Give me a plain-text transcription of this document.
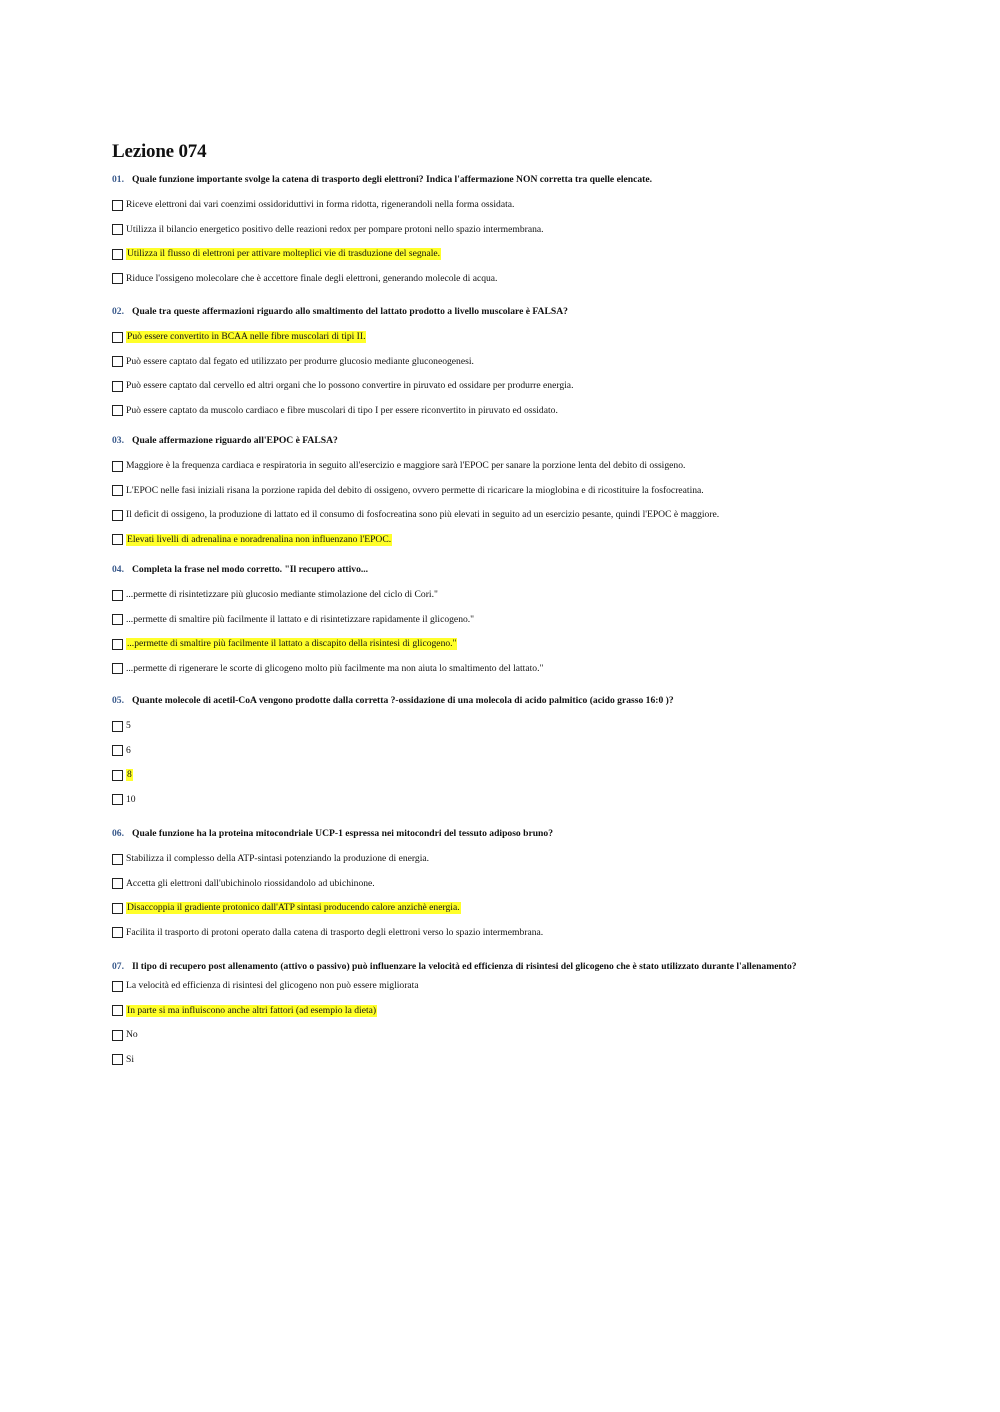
Lezione 074

01. Quale funzione importante svolge la catena di trasporto degli elettroni? Indica l'affermazione NON corretta tra quelle elencate.

Riceve elettroni dai vari coenzimi ossidoriduttivi in forma ridotta, rigenerandoli nella forma ossidata.
Utilizza il bilancio energetico positivo delle reazioni redox per pompare protoni nello spazio intermembrana.
Utilizza il flusso di elettroni per attivare molteplici vie di trasduzione del segnale.
Riduce l'ossigeno molecolare che è accettore finale degli elettroni, generando molecole di acqua.

02. Quale tra queste affermazioni riguardo allo smaltimento del lattato prodotto a livello muscolare è FALSA?

Può essere convertito in BCAA nelle fibre muscolari di tipi II.
Può essere captato dal fegato ed utilizzato per produrre glucosio mediante gluconeogenesi.
Può essere captato dal cervello ed altri organi che lo possono convertire in piruvato ed ossidare per produrre energia.
Può essere captato da muscolo cardiaco e fibre muscolari di tipo I per essere riconvertito in piruvato ed ossidato.

03. Quale affermazione riguardo all'EPOC è FALSA?

Maggiore è la frequenza cardiaca e respiratoria in seguito all'esercizio e maggiore sarà l'EPOC per sanare la porzione lenta del debito di ossigeno.
L'EPOC nelle fasi iniziali risana la porzione rapida del debito di ossigeno, ovvero permette di ricaricare la mioglobina e di ricostituire la fosfocreatina.
Il deficit di ossigeno, la produzione di lattato ed il consumo di fosfocreatina sono più elevati in seguito ad un esercizio pesante, quindi l'EPOC è maggiore.
Elevati livelli di adrenalina e noradrenalina non influenzano l'EPOC.

04. Completa la frase nel modo corretto. "Il recupero attivo...

...permette di risintetizzare più glucosio mediante stimolazione del ciclo di Cori."
...permette di smaltire più facilmente il lattato e di risintetizzare rapidamente il glicogeno."
...permette di smaltire più facilmente il lattato a discapito della risintesi di glicogeno."
...permette di rigenerare le scorte di glicogeno molto più facilmente ma non aiuta lo smaltimento del lattato."

05. Quante molecole di acetil-CoA vengono prodotte dalla corretta ?-ossidazione di una molecola di acido palmitico (acido grasso 16:0 )?

5
6
8
10

06. Quale funzione ha la proteina mitocondriale UCP-1 espressa nei mitocondri del tessuto adiposo bruno?

Stabilizza il complesso della ATP-sintasi potenziando la produzione di energia.
Accetta gli elettroni dall'ubichinolo riossidandolo ad ubichinone.
Disaccoppia il gradiente protonico dall'ATP sintasi producendo calore anzichè energia.
Facilita il trasporto di protoni operato dalla catena di trasporto degli elettroni verso lo spazio intermembrana.

07. Il tipo di recupero post allenamento (attivo o passivo) può influenzare la velocità ed efficienza di risintesi del glicogeno che è stato utilizzato durante l'allenamento?

La velocità ed efficienza di risintesi del glicogeno non può essere migliorata
In parte si ma influiscono anche altri fattori (ad esempio la dieta)
No
Si
